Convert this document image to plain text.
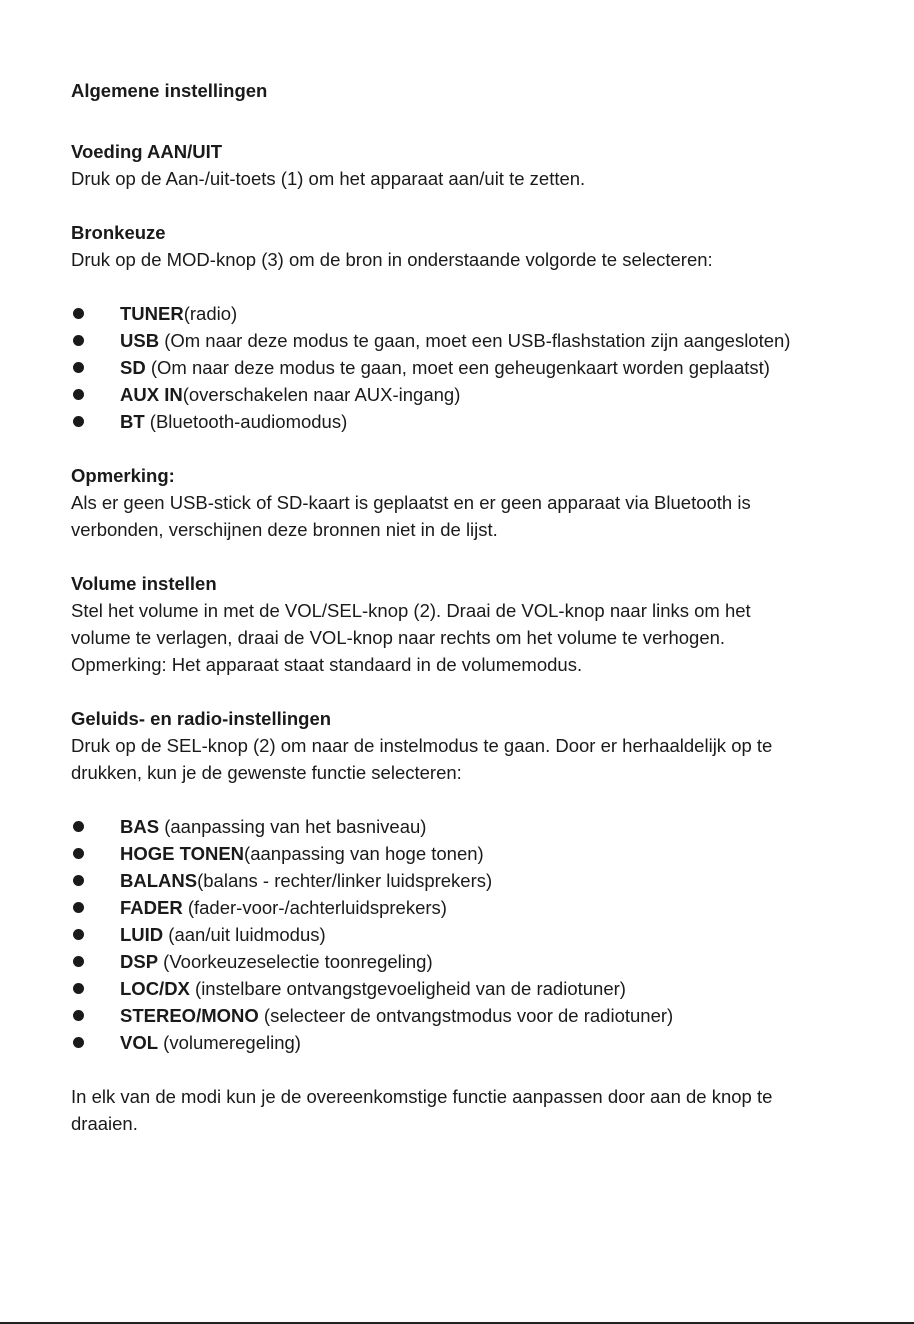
Algemene instellingen

Voeding AAN/UIT
Druk op de Aan-/uit-toets (1) om het apparaat aan/uit te zetten.
Bronkeuze
Druk op de MOD-knop (3) om de bron in onderstaande volgorde te selecteren:
TUNER(radio)
USB (Om naar deze modus te gaan, moet een USB-flashstation zijn aangesloten)
SD (Om naar deze modus te gaan, moet een geheugenkaart worden geplaatst)
AUX IN(overschakelen naar AUX-ingang)
BT (Bluetooth-audiomodus)
Opmerking:
Als er geen USB-stick of SD-kaart is geplaatst en er geen apparaat via Bluetooth is
verbonden, verschijnen deze bronnen niet in de lijst.
Volume instellen
Stel het volume in met de VOL/SEL-knop (2). Draai de VOL-knop naar links om het
volume te verlagen, draai de VOL-knop naar rechts om het volume te verhogen.
Opmerking: Het apparaat staat standaard in de volumemodus.
Geluids- en radio-instellingen
Druk op de SEL-knop (2) om naar de instelmodus te gaan. Door er herhaaldelijk op te
drukken, kun je de gewenste functie selecteren:
BAS (aanpassing van het basniveau)
HOGE TONEN(aanpassing van hoge tonen)
BALANS(balans - rechter/linker luidsprekers)
FADER (fader-voor-/achterluidsprekers)
LUID (aan/uit luidmodus)
DSP (Voorkeuzeselectie toonregeling)
LOC/DX (instelbare ontvangstgevoeligheid van de radiotuner)
STEREO/MONO (selecteer de ontvangstmodus voor de radiotuner)
VOL (volumeregeling)
In elk van de modi kun je de overeenkomstige functie aanpassen door aan de knop te
draaien.
